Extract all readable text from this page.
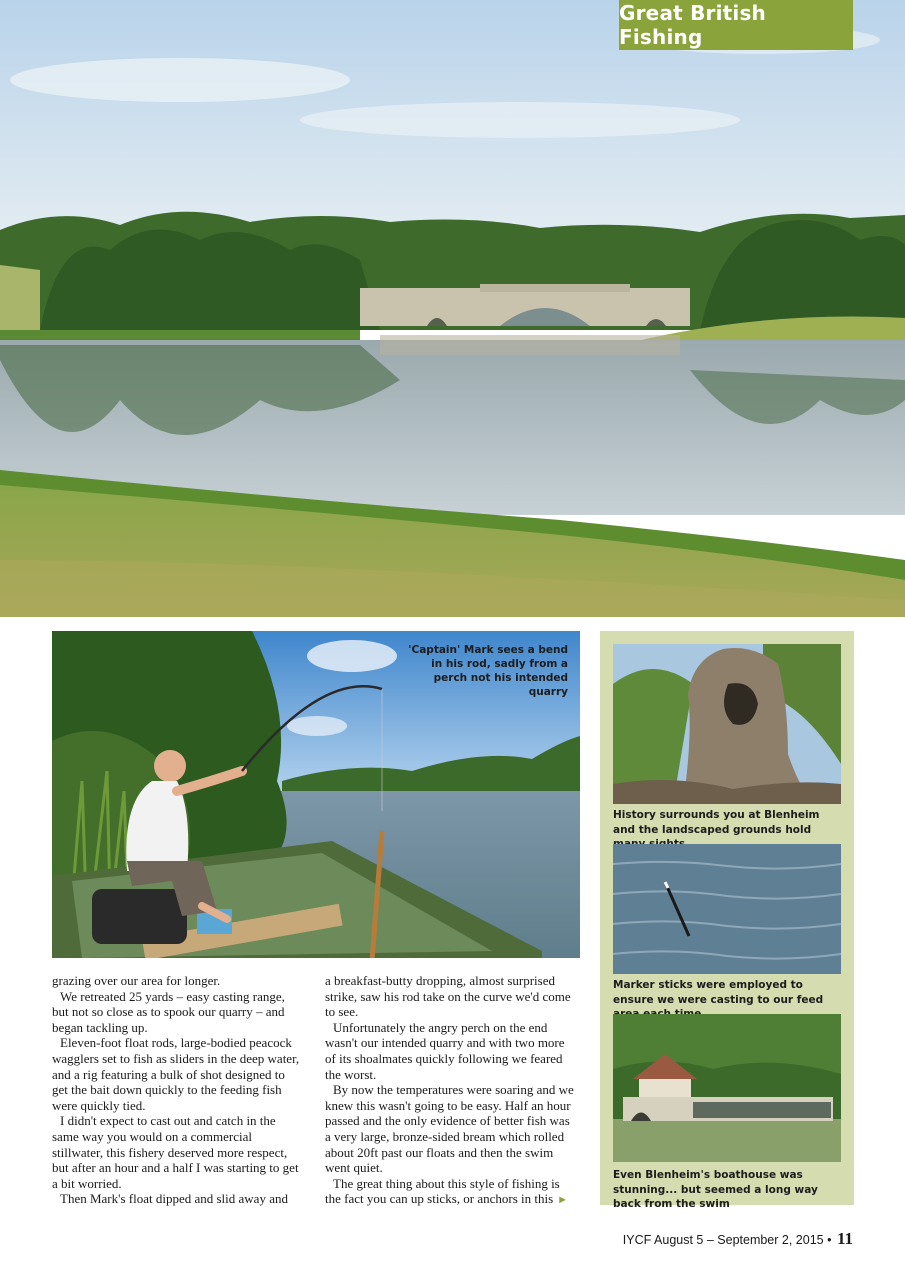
Great British Fishing
'Captain' Mark sees a bend in his rod, sadly from a perch not his intended quarry

grazing over our area for longer.

We retreated 25 yards – easy casting range, but not so close as to spook our quarry – and began tackling up.

Eleven-foot float rods, large-bodied peacock wagglers set to fish as sliders in the deep water, and a rig featuring a bulk of shot designed to get the bait down quickly to the feeding fish were quickly tied.

I didn't expect to cast out and catch in the same way you would on a commercial stillwater, this fishery deserved more respect, but after an hour and a half I was starting to get a bit worried.

Then Mark's float dipped and slid away and

a breakfast-butty dropping, almost surprised strike, saw his rod take on the curve we'd come to see.

Unfortunately the angry perch on the end wasn't our intended quarry and with two more of its shoalmates quickly following we feared the worst.

By now the temperatures were soaring and we knew this wasn't going to be easy. Half an hour passed and the only evidence of better fish was a very large, bronze-sided bream which rolled about 20ft past our floats and then the swim went quiet.

The great thing about this style of fishing is the fact you can up sticks, or anchors in this ►

History surrounds you at Blenheim and the landscaped grounds hold
Marker sticks were employed to ensure we were casting to our feed
Even Blenheim's boathouse was stunning... but seemed a long way back from the swim
IYCF August 5 – September 2, 2015 • 11
